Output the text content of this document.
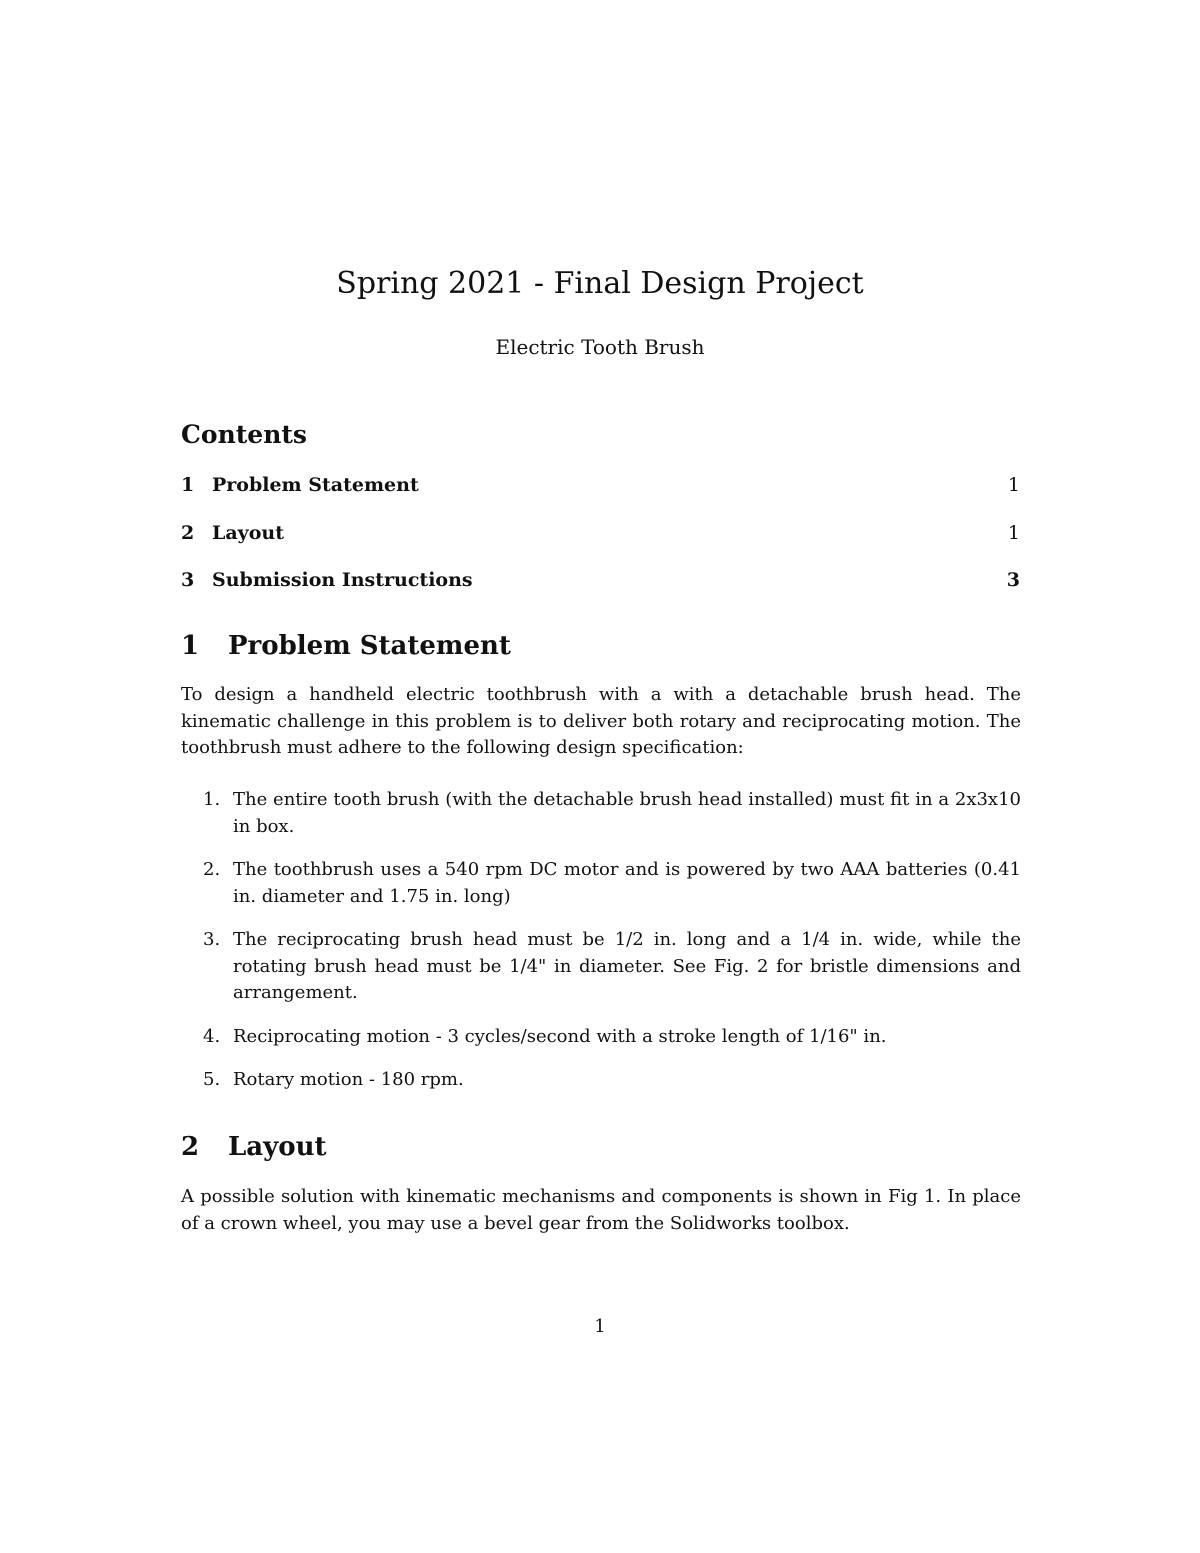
Spring 2021 - Final Design Project
Electric Tooth Brush
Contents
1 Problem Statement	1
2 Layout	1
3 Submission Instructions	3
1 Problem Statement

To design a handheld electric toothbrush with a with a detachable brush head. The kinematic challenge in this problem is to deliver both rotary and reciprocating motion. The toothbrush must adhere to the following design specification:

1. The entire tooth brush (with the detachable brush head installed) must fit in a 2x3x10 in box.
2. The toothbrush uses a 540 rpm DC motor and is powered by two AAA batteries (0.41 in. diameter and 1.75 in. long)
3. The reciprocating brush head must be 1/2 in. long and a 1/4 in. wide, while the rotating brush head must be 1/4" in diameter. See Fig. 2 for bristle dimensions and arrangement.
4. Reciprocating motion - 3 cycles/second with a stroke length of 1/16" in.
5. Rotary motion - 180 rpm.
2 Layout

A possible solution with kinematic mechanisms and components is shown in Fig 1. In place of a crown wheel, you may use a bevel gear from the Solidworks toolbox.

1
